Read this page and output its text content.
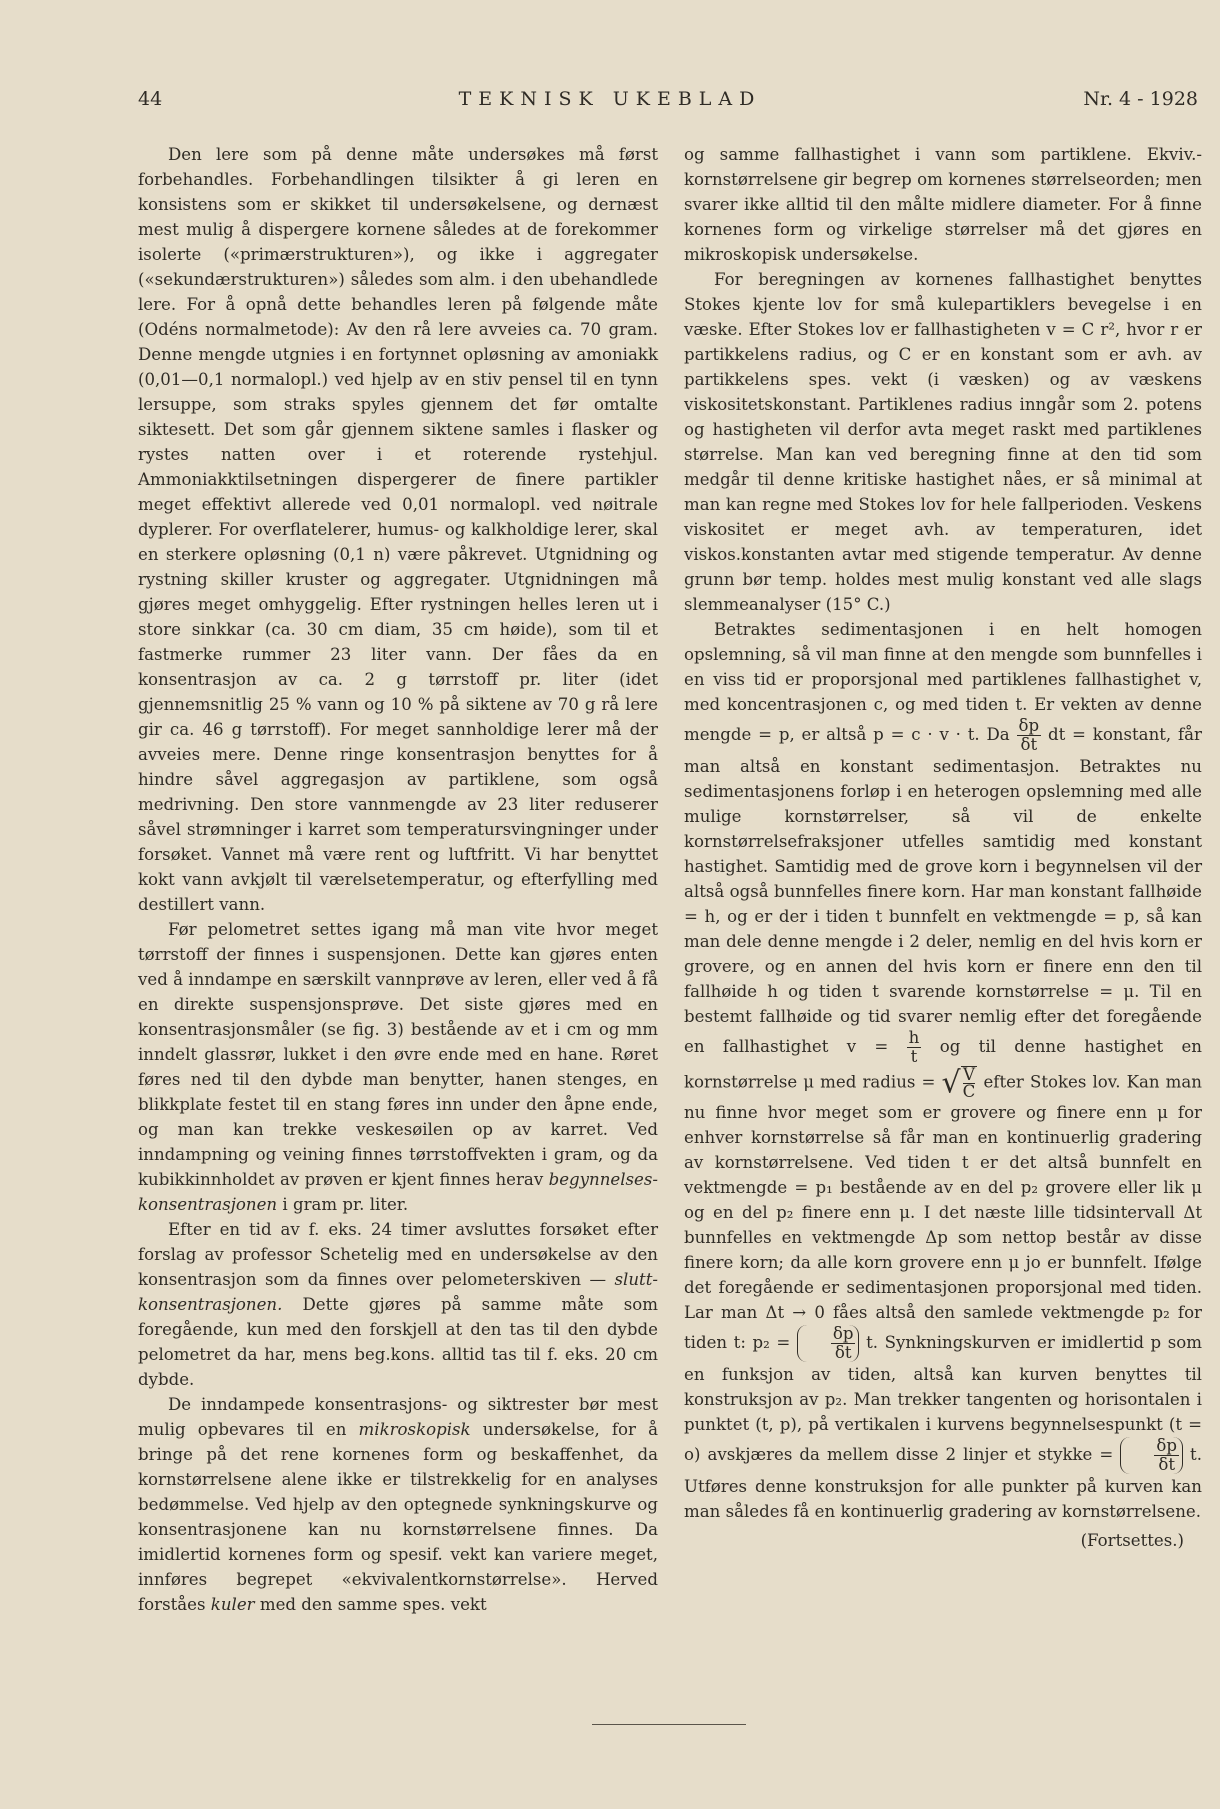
44	TEKNISK UKEBLAD	Nr. 4 - 1928

Den lere som på denne måte undersøkes må først forbehandles. Forbehandlingen tilsikter å gi leren en konsistens som er skikket til undersøkelsene, og dernæst mest mulig å dispergere kornene således at de forekommer isolerte («primærstrukturen»), og ikke i aggregater («sekundærstrukturen») således som alm. i den ubehandlede lere. For å opnå dette behandles leren på følgende måte (Odéns normalmetode): Av den rå lere avveies ca. 70 gram. Denne mengde utgnies i en fortynnet opløsning av amoniakk (0,01—0,1 normalopl.) ved hjelp av en stiv pensel til en tynn lersuppe, som straks spyles gjennem det før omtalte siktesett. Det som går gjennem siktene samles i flasker og rystes natten over i et roterende rystehjul. Ammoniakktilsetningen dispergerer de finere partikler meget effektivt allerede ved 0,01 normalopl. ved nøitrale dyplerer. For overflatelerer, humus- og kalkholdige lerer, skal en sterkere opløsning (0,1 n) være påkrevet. Utgnidning og rystning skiller kruster og aggregater. Utgnidningen må gjøres meget omhyggelig. Efter rystningen helles leren ut i store sinkkar (ca. 30 cm diam, 35 cm høide), som til et fastmerke rummer 23 liter vann. Der fåes da en konsentrasjon av ca. 2 g tørrstoff pr. liter (idet gjennemsnitlig 25 % vann og 10 % på siktene av 70 g rå lere gir ca. 46 g tørrstoff). For meget sannholdige lerer må der avveies mere. Denne ringe konsentrasjon benyttes for å hindre såvel aggregasjon av partiklene, som også medrivning. Den store vannmengde av 23 liter reduserer såvel strømninger i karret som temperatursvingninger under forsøket. Vannet må være rent og luftfritt. Vi har benyttet kokt vann avkjølt til værelsetemperatur, og efterfylling med destillert vann.

Før pelometret settes igang må man vite hvor meget tørrstoff der finnes i suspensjonen. Dette kan gjøres enten ved å inndampe en særskilt vannprøve av leren, eller ved å få en direkte suspensjonsprøve. Det siste gjøres med en konsentrasjonsmåler (se fig. 3) bestående av et i cm og mm inndelt glassrør, lukket i den øvre ende med en hane. Røret føres ned til den dybde man benytter, hanen stenges, en blikkplate festet til en stang føres inn under den åpne ende, og man kan trekke veskesøilen op av karret. Ved inndampning og veining finnes tørrstoffvekten i gram, og da kubikkinnholdet av prøven er kjent finnes herav begynnelses-konsentrasjonen i gram pr. liter.

Efter en tid av f. eks. 24 timer avsluttes forsøket efter forslag av professor Schetelig med en undersøkelse av den konsentrasjon som da finnes over pelometerskiven — slutt-konsentrasjonen. Dette gjøres på samme måte som foregående, kun med den forskjell at den tas til den dybde pelometret da har, mens beg.kons. alltid tas til f. eks. 20 cm dybde.

De inndampede konsentrasjons- og siktrester bør mest mulig opbevares til en mikroskopisk undersøkelse, for å bringe på det rene kornenes form og beskaffenhet, da kornstørrelsene alene ikke er tilstrekkelig for en analyses bedømmelse. Ved hjelp av den optegnede synkningskurve og konsentrasjonene kan nu kornstørrelsene finnes. Da imidlertid kornenes form og spesif. vekt kan variere meget, innføres begrepet «ekvivalentkornstørrelse». Herved forståes kuler med den samme spes. vekt

og samme fallhastighet i vann som partiklene. Ekviv.-kornstørrelsene gir begrep om kornenes størrelseorden; men svarer ikke alltid til den målte midlere diameter. For å finne kornenes form og virkelige størrelser må det gjøres en mikroskopisk undersøkelse.

For beregningen av kornenes fallhastighet benyttes Stokes kjente lov for små kulepartiklers bevegelse i en væske. Efter Stokes lov er fallhastigheten v = C r², hvor r er partikkelens radius, og C er en konstant som er avh. av partikkelens spes. vekt (i væsken) og av væskens viskositetskonstant. Partiklenes radius inngår som 2. potens og hastigheten vil derfor avta meget raskt med partiklenes størrelse. Man kan ved beregning finne at den tid som medgår til denne kritiske hastighet nåes, er så minimal at man kan regne med Stokes lov for hele fallperioden. Veskens viskositet er meget avh. av temperaturen, idet viskos.konstanten avtar med stigende temperatur. Av denne grunn bør temp. holdes mest mulig konstant ved alle slags slemmeanalyser (15° C.)

Betraktes sedimentasjonen i en helt homogen opslemning, så vil man finne at den mengde som bunnfelles i en viss tid er proporsjonal med partiklenes fallhastighet v, med koncentrasjonen c, og med tiden t. Er vekten av denne mengde = p, er altså p = c · v · t. Da $\frac{\delta p}{\delta t}$ dt = konstant, får man altså en konstant sedimentasjon. Betraktes nu sedimentasjonens forløp i en heterogen opslemning med alle mulige kornstørrelser, så vil de enkelte kornstørrelsefraksjoner utfelles samtidig med konstant hastighet. Samtidig med de grove korn i begynnelsen vil der altså også bunnfelles finere korn. Har man konstant fallhøide = h, og er der i tiden t bunnfelt en vektmengde = p, så kan man dele denne mengde i 2 deler, nemlig en del hvis korn er grovere, og en annen del hvis korn er finere enn den til fallhøide h og tiden t svarende kornstørrelse = μ. Til en bestemt fallhøide og tid svarer nemlig efter det foregående en fallhastighet $v = \frac{h}{t}$ og til denne hastighet en kornstørrelse μ med radius = √ $\frac{V}{C}$ efter Stokes lov. Kan man nu finne hvor meget som er grovere og finere enn μ for enhver kornstørrelse så får man en kontinuerlig gradering av kornstørrelsene. Ved tiden t er det altså bunnfelt en vektmengde = p₁ bestående av en del p₂ grovere eller lik μ og en del p₂ finere enn μ. I det næste lille tidsintervall Δt bunnfelles en vektmengde Δp som nettop består av disse finere korn; da alle korn grovere enn μ jo er bunnfelt. Ifølge det foregående er sedimentasjonen proporsjonal med tiden. Lar man Δt → 0 fåes altså den samlede vektmengde p₂ for tiden t: $p_2 = \frac{\delta p}{\delta t} t$. Synkningskurven er imidlertid p som en funksjon av tiden, altså kan kurven benyttes til konstruksjon av p₂. Man trekker tangenten og horisontalen i punktet (t, p), på vertikalen i kurvens begynnelsespunkt (t = o) avskjæres da mellem disse 2 linjer et stykke = $\frac{\delta p}{\delta t} t$. Utføres denne konstruksjon for alle punkter på kurven kan man således få en kontinuerlig gradering av kornstørrelsene.

(Fortsettes.)
